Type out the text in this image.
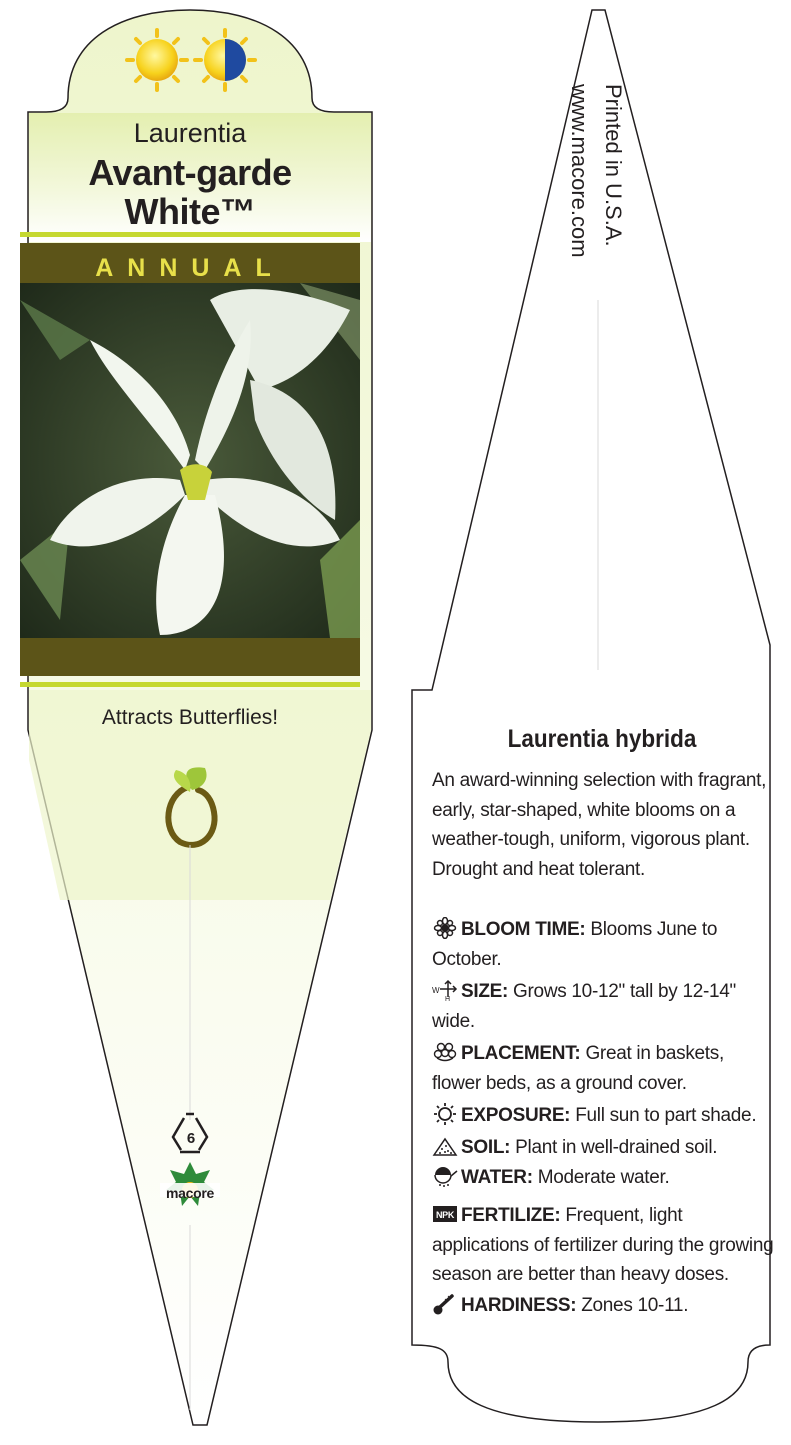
Laurentia
Avant-garde
White™
ANNUAL
Attracts Butterflies!
6
macore
Printed in U.S.A.
www.macore.com
Laurentia hybrida
An award-winning selection with fragrant, early, star-shaped, white blooms on a weather-tough, uniform, vigorous plant. Drought and heat tolerant.
BLOOM TIME: Blooms June to October.
W
H SIZE: Grows 10-12" tall by 12-14" wide.
PLACEMENT: Great in baskets, flower beds, as a ground cover.
EXPOSURE: Full sun to part shade.
SOIL: Plant in well-drained soil.
WATER: Moderate water.
NPK FERTILIZE: Frequent, light applications of fertilizer during the growing season are better than heavy doses.
HARDINESS: Zones 10-11.
